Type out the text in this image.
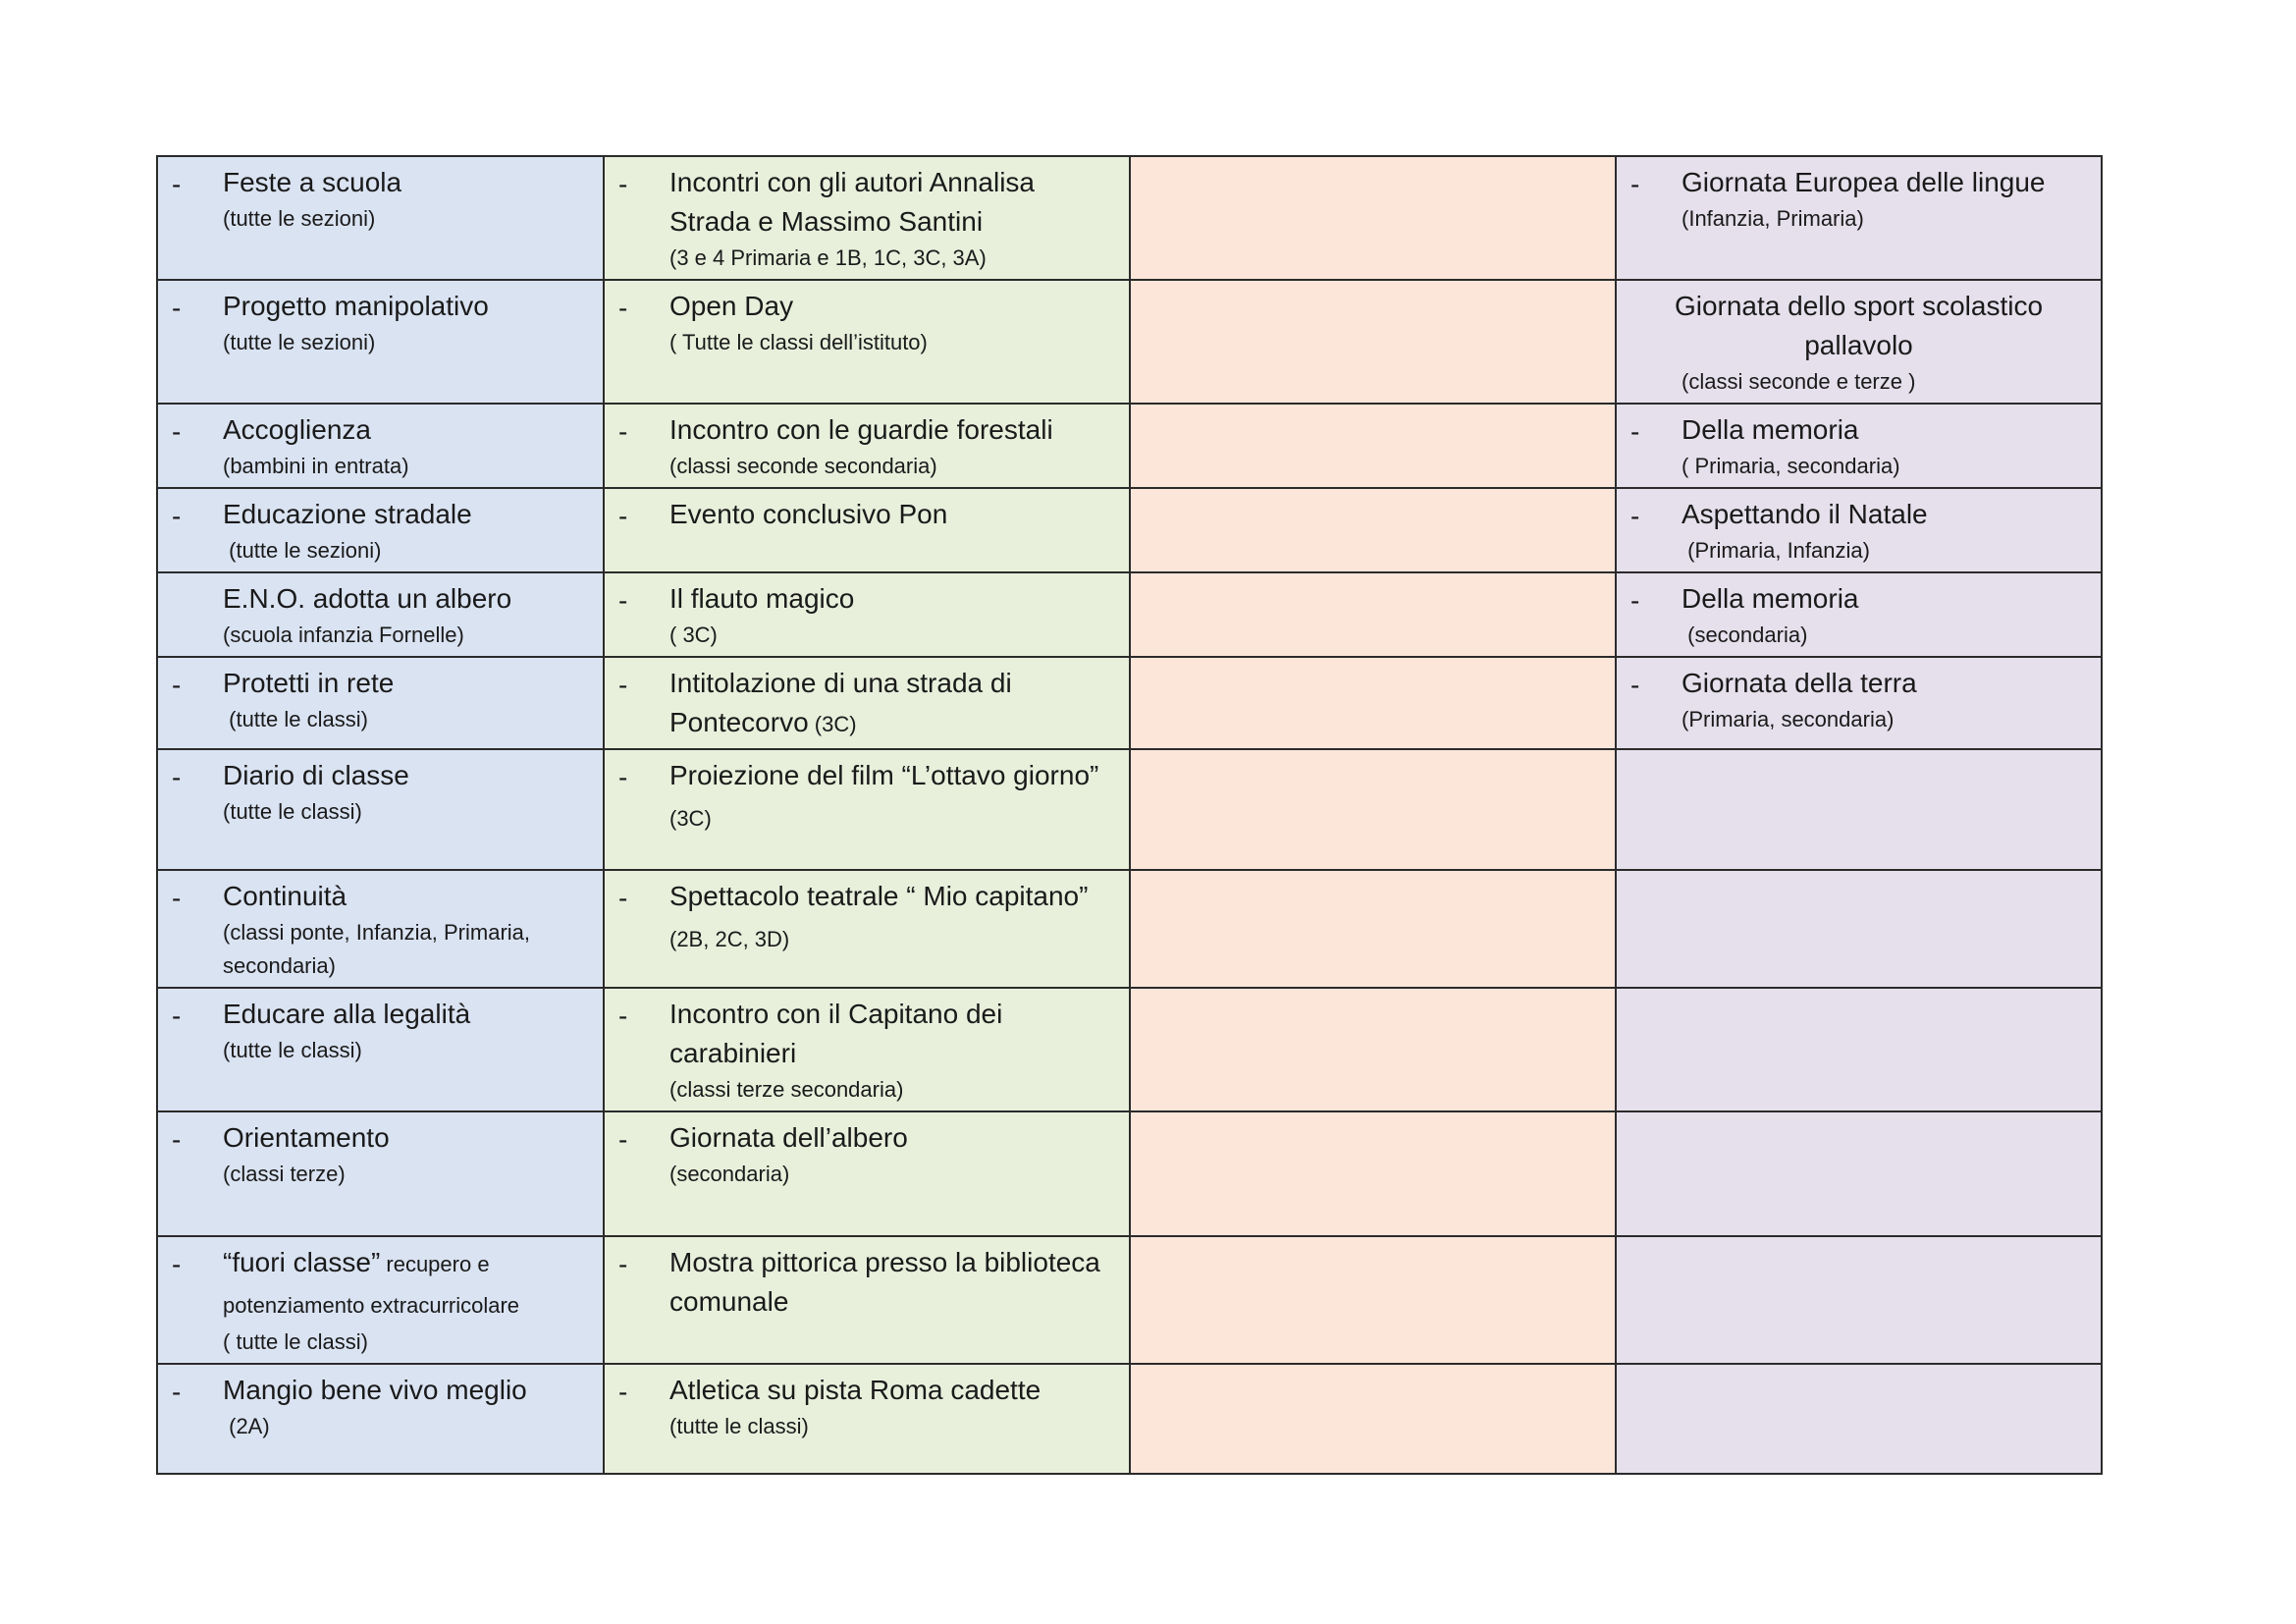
- Feste a scuola
(tutte le sezioni)	- Incontri con gli autori Annalisa Strada e Massimo Santini
(3 e 4 Primaria e 1B, 1C, 3C, 3A)		- Giornata Europea delle lingue
(Infanzia, Primaria)

- Progetto manipolativo
(tutte le sezioni)	- Open Day
( Tutte le classi dell’istituto)		Giornata dello sport scolastico pallavolo
(classi seconde e terze )

- Accoglienza
(bambini in entrata)	- Incontro con le guardie forestali
(classi seconde secondaria)		- Della memoria
( Primaria, secondaria)

- Educazione stradale
(tutte le sezioni)	- Evento conclusivo Pon		- Aspettando il Natale
(Primaria, Infanzia)

E.N.O. adotta un albero
(scuola infanzia Fornelle)	- Il flauto magico
( 3C)		- Della memoria
(secondaria)

- Protetti in rete
(tutte le classi)	- Intitolazione di una strada di Pontecorvo (3C)		- Giornata della terra
(Primaria, secondaria)

- Diario di classe
(tutte le classi)	- Proiezione del film “L’ottavo giorno” (3C)		

- Continuità
(classi ponte, Infanzia, Primaria, secondaria)	- Spettacolo teatrale “ Mio capitano” (2B, 2C, 3D)		

- Educare alla legalità
(tutte le classi)	- Incontro con il Capitano dei carabinieri
(classi terze secondaria)		

- Orientamento
(classi terze)	- Giornata dell’albero
(secondaria)		

- “fuori classe” recupero e potenziamento extracurricolare
( tutte le classi)	- Mostra pittorica presso la biblioteca comunale		

- Mangio bene vivo meglio
(2A)	- Atletica su pista Roma cadette
(tutte le classi)		
